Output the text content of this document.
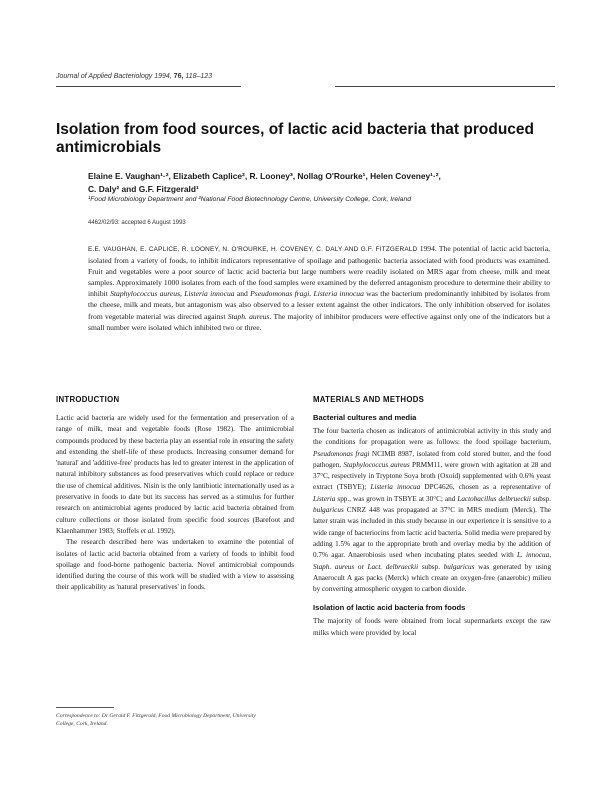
Journal of Applied Bacteriology 1994, 76, 118–123
Isolation from food sources, of lactic acid bacteria that produced antimicrobials
Elaine E. Vaughan¹·², Elizabeth Caplice², R. Looney³, Nollag O'Rourke¹, Helen Coveney¹·²,
C. Daly² and G.F. Fitzgerald¹
¹Food Microbiology Department and ²National Food Biotechnology Centre, University College, Cork, Ireland
4462/02/93: accepted 6 August 1993
E.E. VAUGHAN, E. CAPLICE, R. LOONEY, N. O'ROURKE, H. COVENEY, C. DALY AND G.F. FITZGERALD 1994. The potential of lactic acid bacteria, isolated from a variety of foods, to inhibit indicators representative of spoilage and pathogenic bacteria associated with food products was examined. Fruit and vegetables were a poor source of lactic acid bacteria but large numbers were readily isolated on MRS agar from cheese, milk and meat samples. Approximately 1000 isolates from each of the food samples were examined by the deferred antagonism procedure to determine their ability to inhibit Staphylococcus aureus, Listeria innocua and Pseudomonas fragi. Listeria innocua was the bacterium predominantly inhibited by isolates from the cheese, milk and meats, but antagonism was also observed to a lesser extent against the other indicators. The only inhibition observed for isolates from vegetable material was directed against Staph. aureus. The majority of inhibitor producers were effective against only one of the indicators but a small number were isolated which inhibited two or three.
INTRODUCTION

Lactic acid bacteria are widely used for the fermentation and preservation of a range of milk, meat and vegetable foods (Rose 1982). The antimicrobial compounds produced by these bacteria play an essential role in ensuring the safety and extending the shelf-life of these products. Increasing consumer demand for 'natural' and 'additive-free' products has led to greater interest in the application of natural inhibitory substances as food preservatives which could replace or reduce the use of chemical additives. Nisin is the only lantibiotic internationally used as a preservative in foods to date but its success has served as a stimulus for further research on antimicrobial agents produced by lactic acid bacteria obtained from culture collections or those isolated from specific food sources (Barefoot and Klaenhammer 1983; Stoffels et al. 1992).

The research described here was undertaken to examine the potential of isolates of lactic acid bacteria obtained from a variety of foods to inhibit food spoilage and food-borne pathogenic bacteria. Novel antimicrobial compounds identified during the course of this work will be studied with a view to assessing their applicability as 'natural preservatives' in foods.

Correspondence to: Dr Gerald F. Fitzgerald, Food Microbiology Department, University College, Cork, Ireland.
MATERIALS AND METHODS
Bacterial cultures and media

The four bacteria chosen as indicators of antimicrobial activity in this study and the conditions for propagation were as follows: the food spoilage bacterium, Pseudomonas fragi NCIMB 8987, isolated from cold stored butter, and the food pathogen, Staphylococcus aureus PRMM11, were grown with agitation at 28 and 37°C, respectively in Tryptone Soya broth (Oxoid) supplemented with 0.6% yeast extract (TSBYE); Listeria innocua DPC4626, chosen as a representative of Listeria spp., was grown in TSBYE at 30°C; and Lactobacillus delbrueckii subsp. bulgaricus CNRZ 448 was propagated at 37°C in MRS medium (Merck). The latter strain was included in this study because in our experience it is sensitive to a wide range of bacteriocins from lactic acid bacteria. Solid media were prepared by adding 1.5% agar to the appropriate broth and overlay media by the addition of 0.7% agar. Anaerobiosis used when incubating plates seeded with L. innocua, Staph. aureus or Lact. delbrueckii subsp. bulgaricus was generated by using Anaerocult A gas packs (Merck) which create an oxygen-free (anaerobic) milieu by converting atmospheric oxygen to carbon dioxide.

Isolation of lactic acid bacteria from foods

The majority of foods were obtained from local supermarkets except the raw milks which were provided by local
